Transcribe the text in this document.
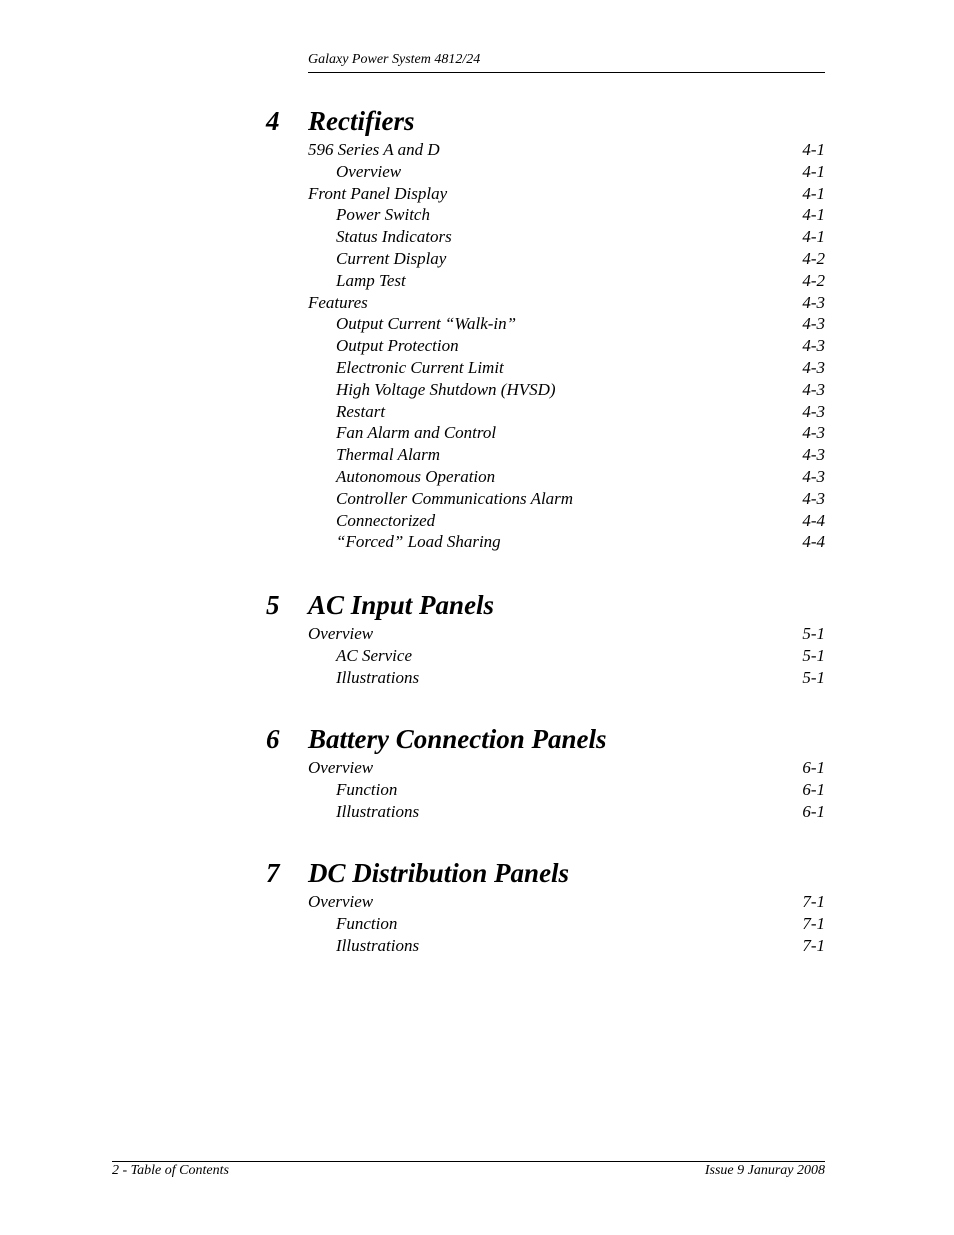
Galaxy Power System 4812/24
4 Rectifiers
596 Series A and D	4-1
Overview	4-1
Front Panel Display	4-1
Power Switch	4-1
Status Indicators	4-1
Current Display	4-2
Lamp Test	4-2
Features	4-3
Output Current “Walk-in”	4-3
Output Protection	4-3
Electronic Current Limit	4-3
High Voltage Shutdown (HVSD)	4-3
Restart	4-3
Fan Alarm and Control	4-3
Thermal Alarm	4-3
Autonomous Operation	4-3
Controller Communications Alarm	4-3
Connectorized	4-4
“Forced” Load Sharing	4-4
5 AC Input Panels
Overview	5-1
AC Service	5-1
Illustrations	5-1
6 Battery Connection Panels
Overview	6-1
Function	6-1
Illustrations	6-1
7 DC Distribution Panels
Overview	7-1
Function	7-1
Illustrations	7-1
2 - Table of Contents	Issue 9 Januray 2008
